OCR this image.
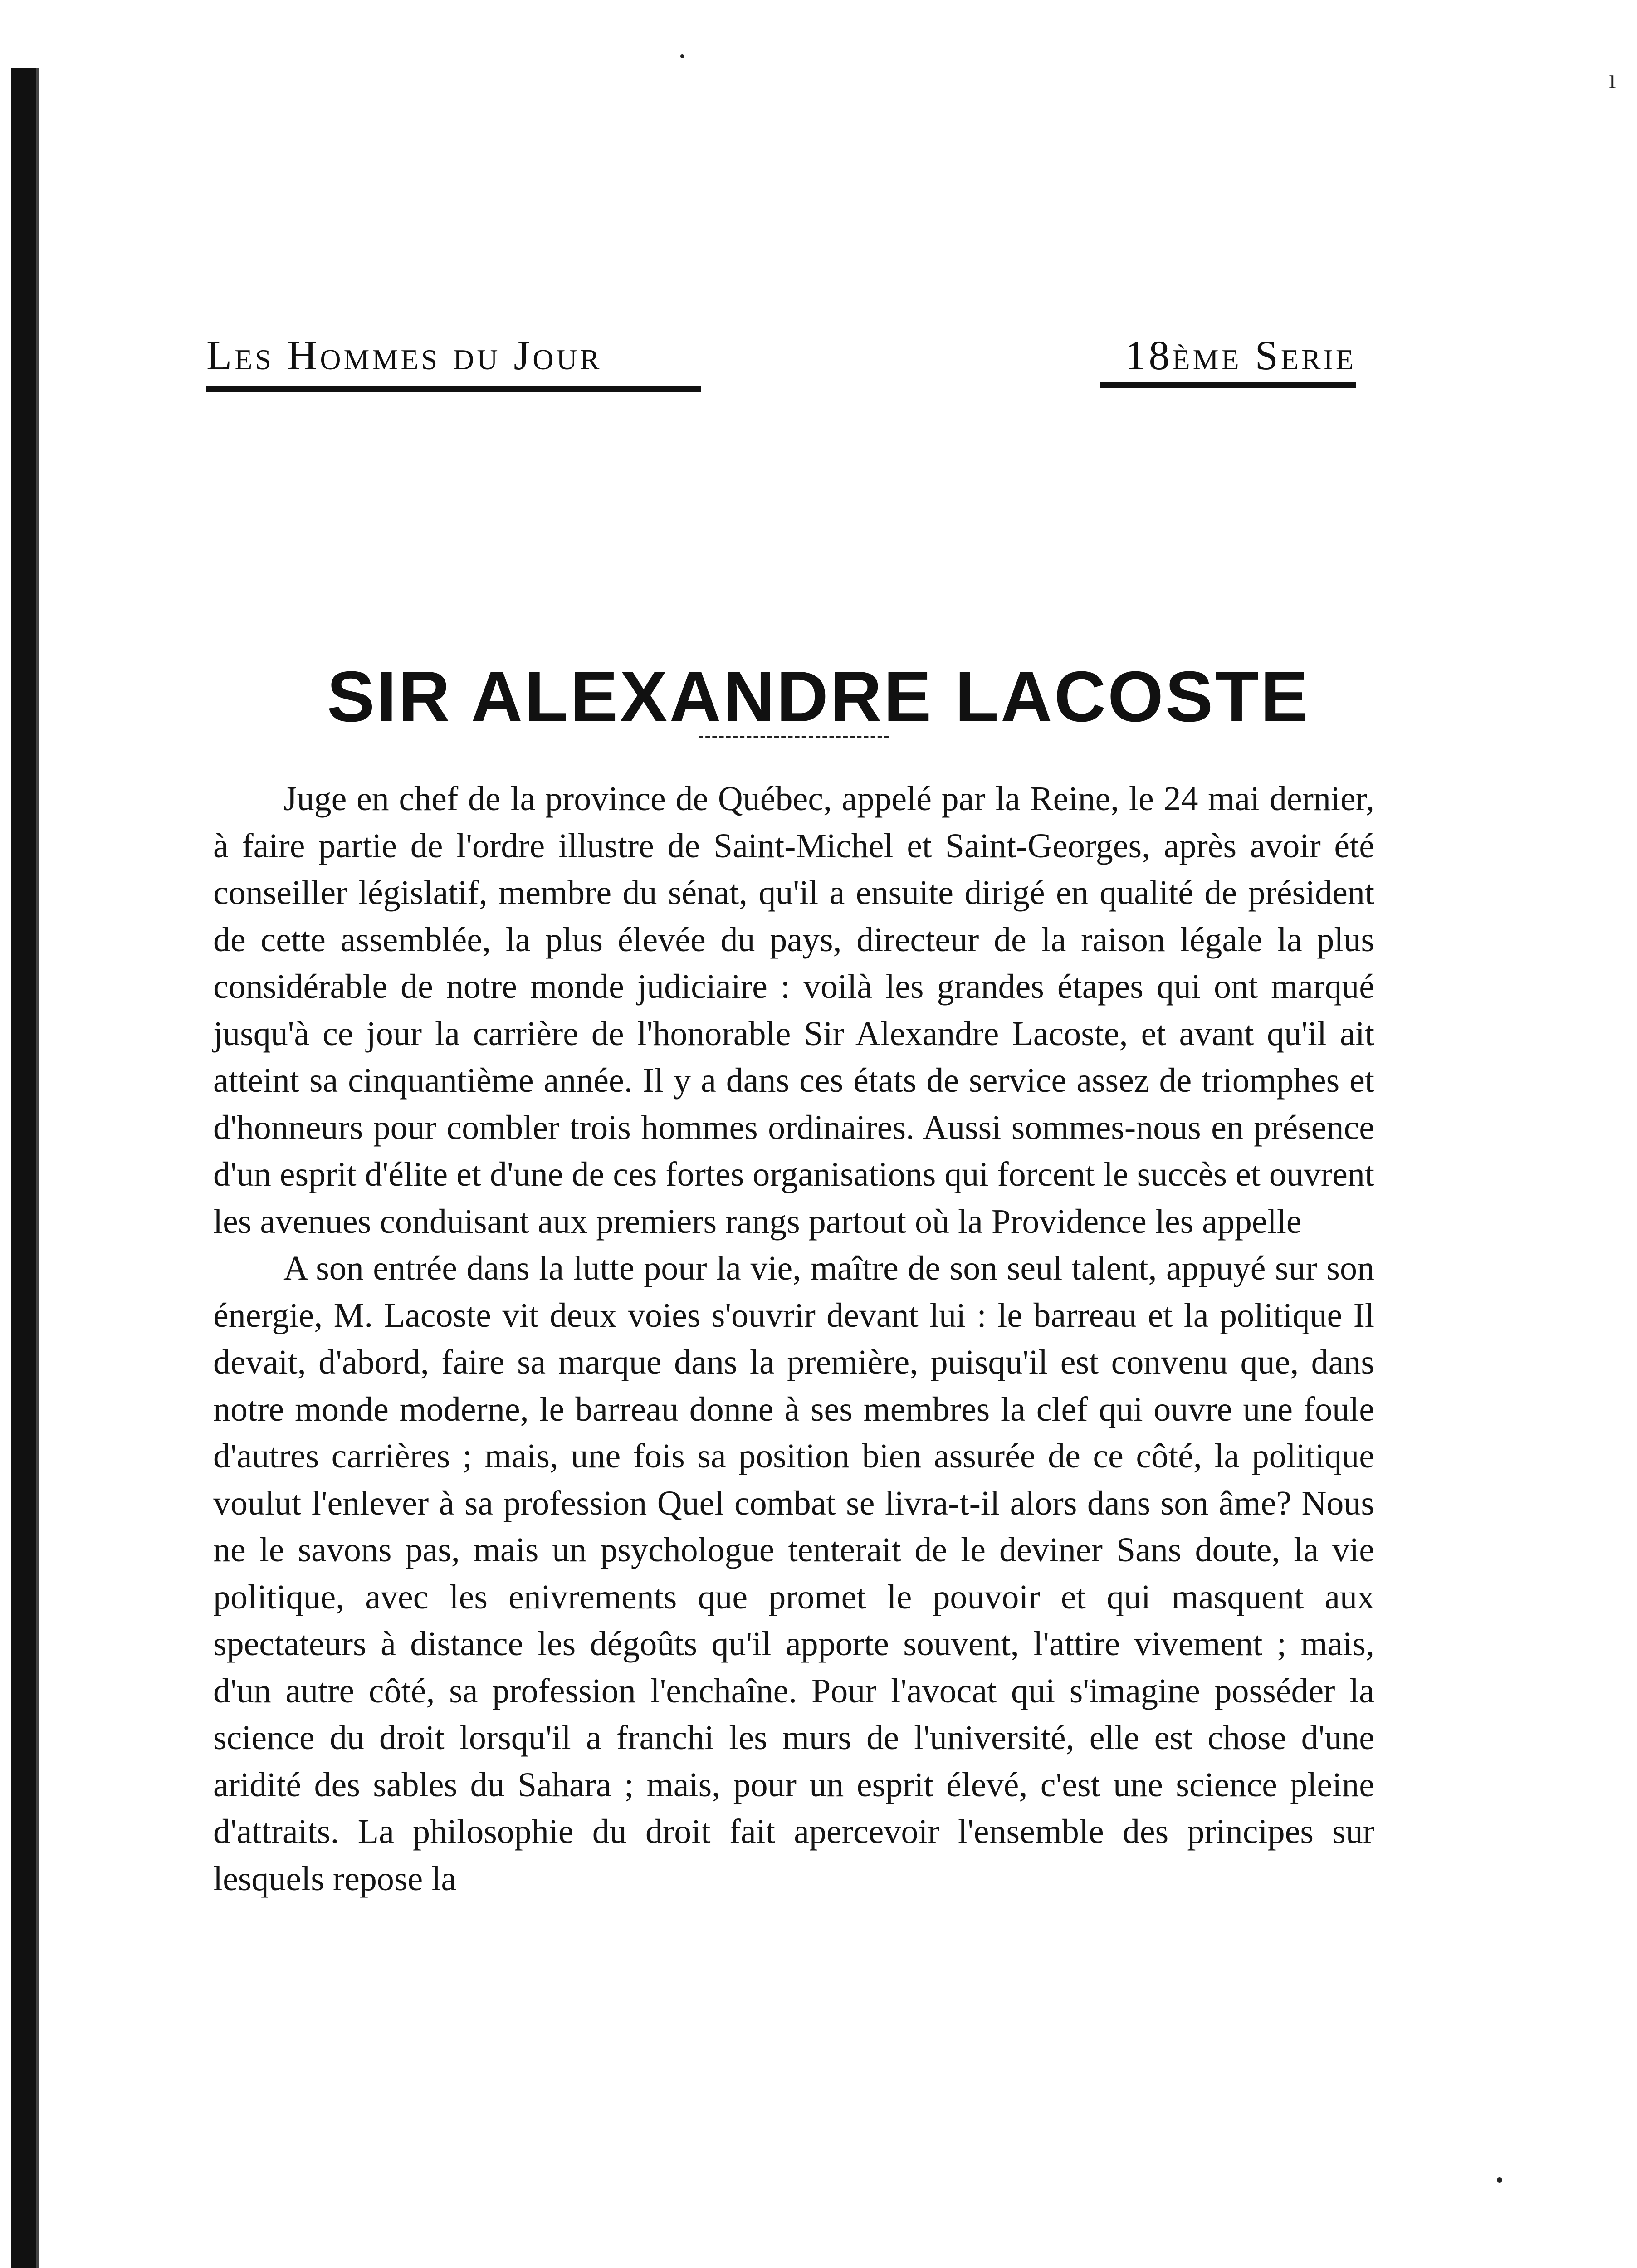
ı
Les Hommes du Jour	18ème Serie
SIR ALEXANDRE LACOSTE

Juge en chef de la province de Québec, appelé par la Reine, le 24 mai dernier, à faire partie de l'ordre illustre de Saint-Michel et Saint-Georges, après avoir été conseiller législatif, membre du sénat, qu'il a ensuite dirigé en qualité de président de cette assemblée, la plus élevée du pays, directeur de la raison légale la plus considérable de notre monde judiciaire : voilà les grandes étapes qui ont marqué jusqu'à ce jour la carrière de l'honorable Sir Alexandre Lacoste, et avant qu'il ait atteint sa cinquantième année. Il y a dans ces états de service assez de triomphes et d'honneurs pour combler trois hommes ordinaires. Aussi sommes-nous en présence d'un esprit d'élite et d'une de ces fortes organisations qui forcent le succès et ouvrent les avenues conduisant aux premiers rangs partout où la Providence les appelle

A son entrée dans la lutte pour la vie, maître de son seul talent, appuyé sur son énergie, M. Lacoste vit deux voies s'ouvrir devant lui : le barreau et la politique Il devait, d'abord, faire sa marque dans la première, puisqu'il est convenu que, dans notre monde moderne, le barreau donne à ses membres la clef qui ouvre une foule d'autres carrières ; mais, une fois sa position bien assurée de ce côté, la politique voulut l'enlever à sa profession Quel combat se livra-t-il alors dans son âme? Nous ne le savons pas, mais un psychologue tenterait de le deviner Sans doute, la vie politique, avec les enivrements que promet le pouvoir et qui masquent aux spectateurs à distance les dégoûts qu'il apporte souvent, l'attire vivement ; mais, d'un autre côté, sa profession l'enchaîne. Pour l'avocat qui s'imagine posséder la science du droit lorsqu'il a franchi les murs de l'université, elle est chose d'une aridité des sables du Sahara ; mais, pour un esprit élevé, c'est une science pleine d'attraits. La philosophie du droit fait apercevoir l'ensemble des principes sur lesquels repose la
